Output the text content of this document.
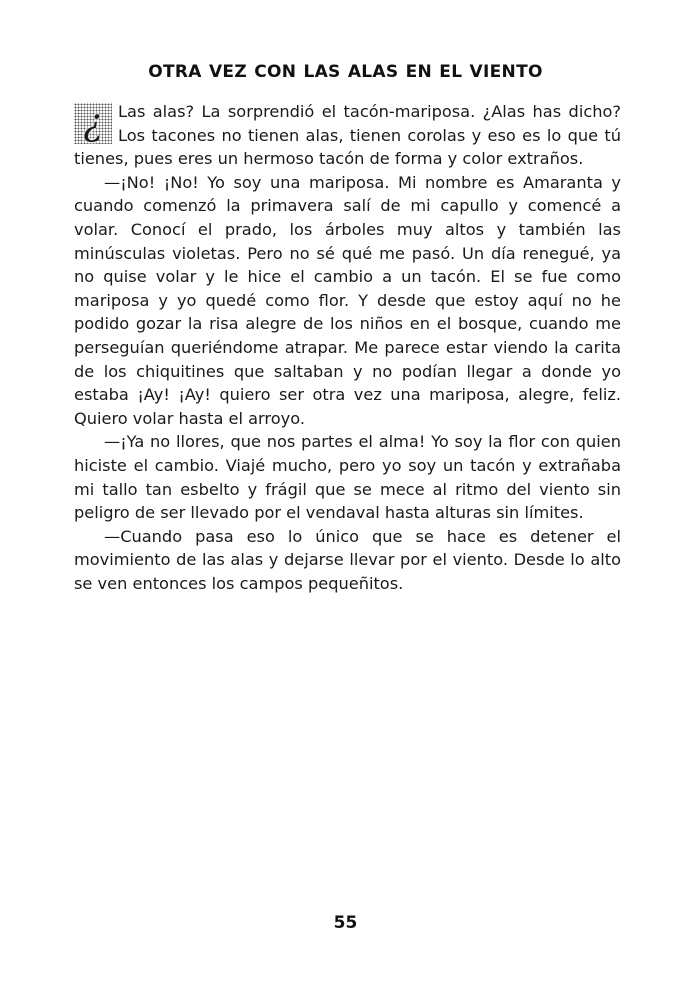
OTRA VEZ CON LAS ALAS EN EL VIENTO

¿ Las alas? La sorprendió el tacón-mariposa. ¿Alas has dicho? Los tacones no tienen alas, tienen corolas y eso es lo que tú tienes, pues eres un hermoso tacón de forma y color extraños.

—¡No! ¡No! Yo soy una mariposa. Mi nombre es Amaranta y cuando comenzó la primavera salí de mi capullo y comencé a volar. Conocí el prado, los árboles muy altos y también las minúsculas violetas. Pero no sé qué me pasó. Un día renegué, ya no quise volar y le hice el cambio a un tacón. El se fue como mariposa y yo quedé como flor. Y desde que estoy aquí no he podido gozar la risa alegre de los niños en el bosque, cuando me perseguían queriéndome atrapar. Me parece estar viendo la carita de los chiquitines que saltaban y no podían llegar a donde yo estaba ¡Ay! ¡Ay! quiero ser otra vez una mariposa, alegre, feliz. Quiero volar hasta el arroyo.

—¡Ya no llores, que nos partes el alma! Yo soy la flor con quien hiciste el cambio. Viajé mucho, pero yo soy un tacón y extrañaba mi tallo tan esbelto y frágil que se mece al ritmo del viento sin peligro de ser llevado por el vendaval hasta alturas sin límites.

—Cuando pasa eso lo único que se hace es detener el movimiento de las alas y dejarse llevar por el viento. Desde lo alto se ven entonces los campos pequeñitos.

55
